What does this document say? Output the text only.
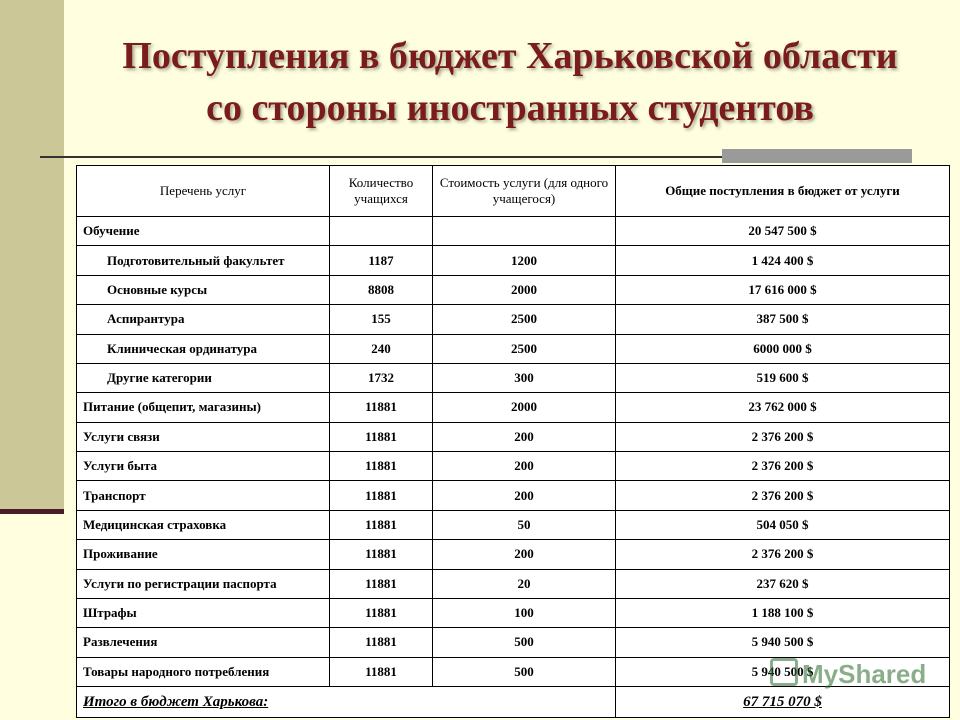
Поступления в бюджет Харьковской области
со стороны иностранных студентов
Перечень услуг	Количество учащихся	Стоимость услуги (для одного учащегося)	Общие поступления в бюджет от услуги
Обучение			20 547 500 $
Подготовительный факультет	1187	1200	1 424 400 $
Основные курсы	8808	2000	17 616 000 $
Аспирантура	155	2500	387 500 $
Клиническая ординатура	240	2500	6000 000 $
Другие категории	1732	300	519 600 $
Питание (общепит, магазины)	11881	2000	23 762 000 $
Услуги связи	11881	200	2 376 200 $
Услуги быта	11881	200	2 376 200 $
Транспорт	11881	200	2 376 200 $
Медицинская страховка	11881	50	504 050 $
Проживание	11881	200	2 376 200 $
Услуги по регистрации паспорта	11881	20	237 620 $
Штрафы	11881	100	1 188 100 $
Развлечения	11881	500	5 940 500 $
Товары народного потребления	11881	500	5 940 500 $
Итого в бюджет Харькова:			67 715 070 $
MyShared
